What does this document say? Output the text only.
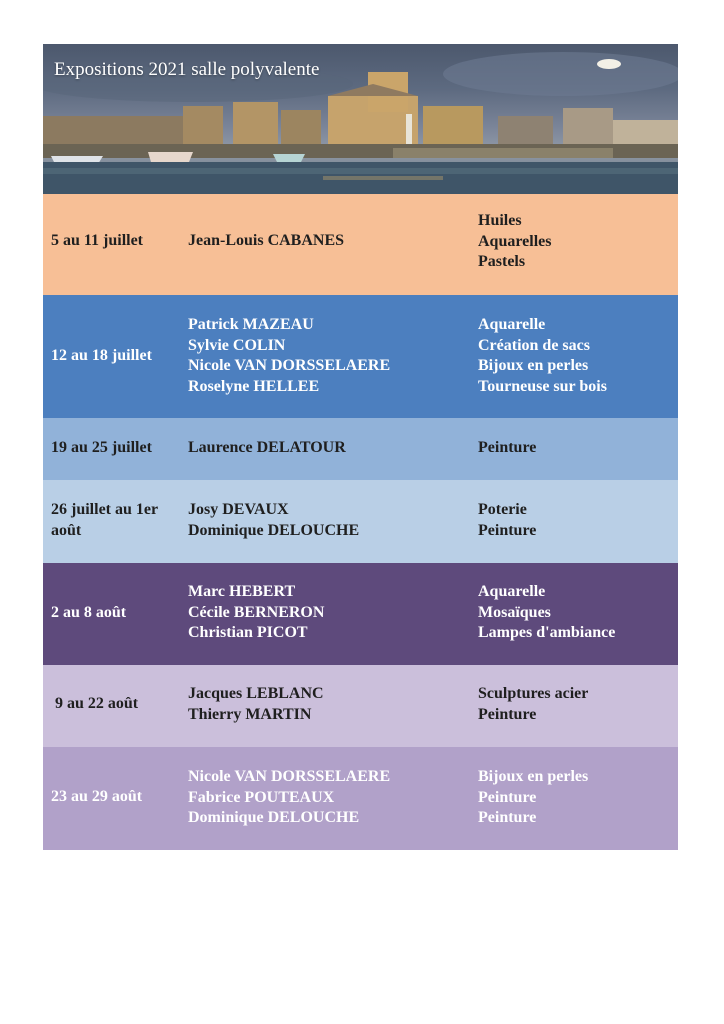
Expositions 2021 salle polyvalente
5 au 11 juillet	Jean-Louis CABANES
Huiles
Aquarelles
Pastels
12 au 18 juillet
Patrick MAZEAU
Sylvie COLIN
Nicole VAN DORSSELAERE
Roselyne HELLEE
Aquarelle
Création de sacs
Bijoux en perles
Tourneuse sur bois
19 au 25 juillet Laurence DELATOUR	Peinture
26 juillet au 1er
août
Josy DEVAUX
Dominique DELOUCHE
Poterie
Peinture
2 au 8 août
Marc HEBERT
Cécile BERNERON
Christian PICOT
Aquarelle
Mosaïques
Lampes d'ambiance
9 au 22 août
Jacques LEBLANC
Thierry MARTIN
Sculptures acier
Peinture
23 au 29 août
Nicole VAN DORSSELAERE
Fabrice POUTEAUX
Dominique DELOUCHE
Bijoux en perles
Peinture
Peinture
